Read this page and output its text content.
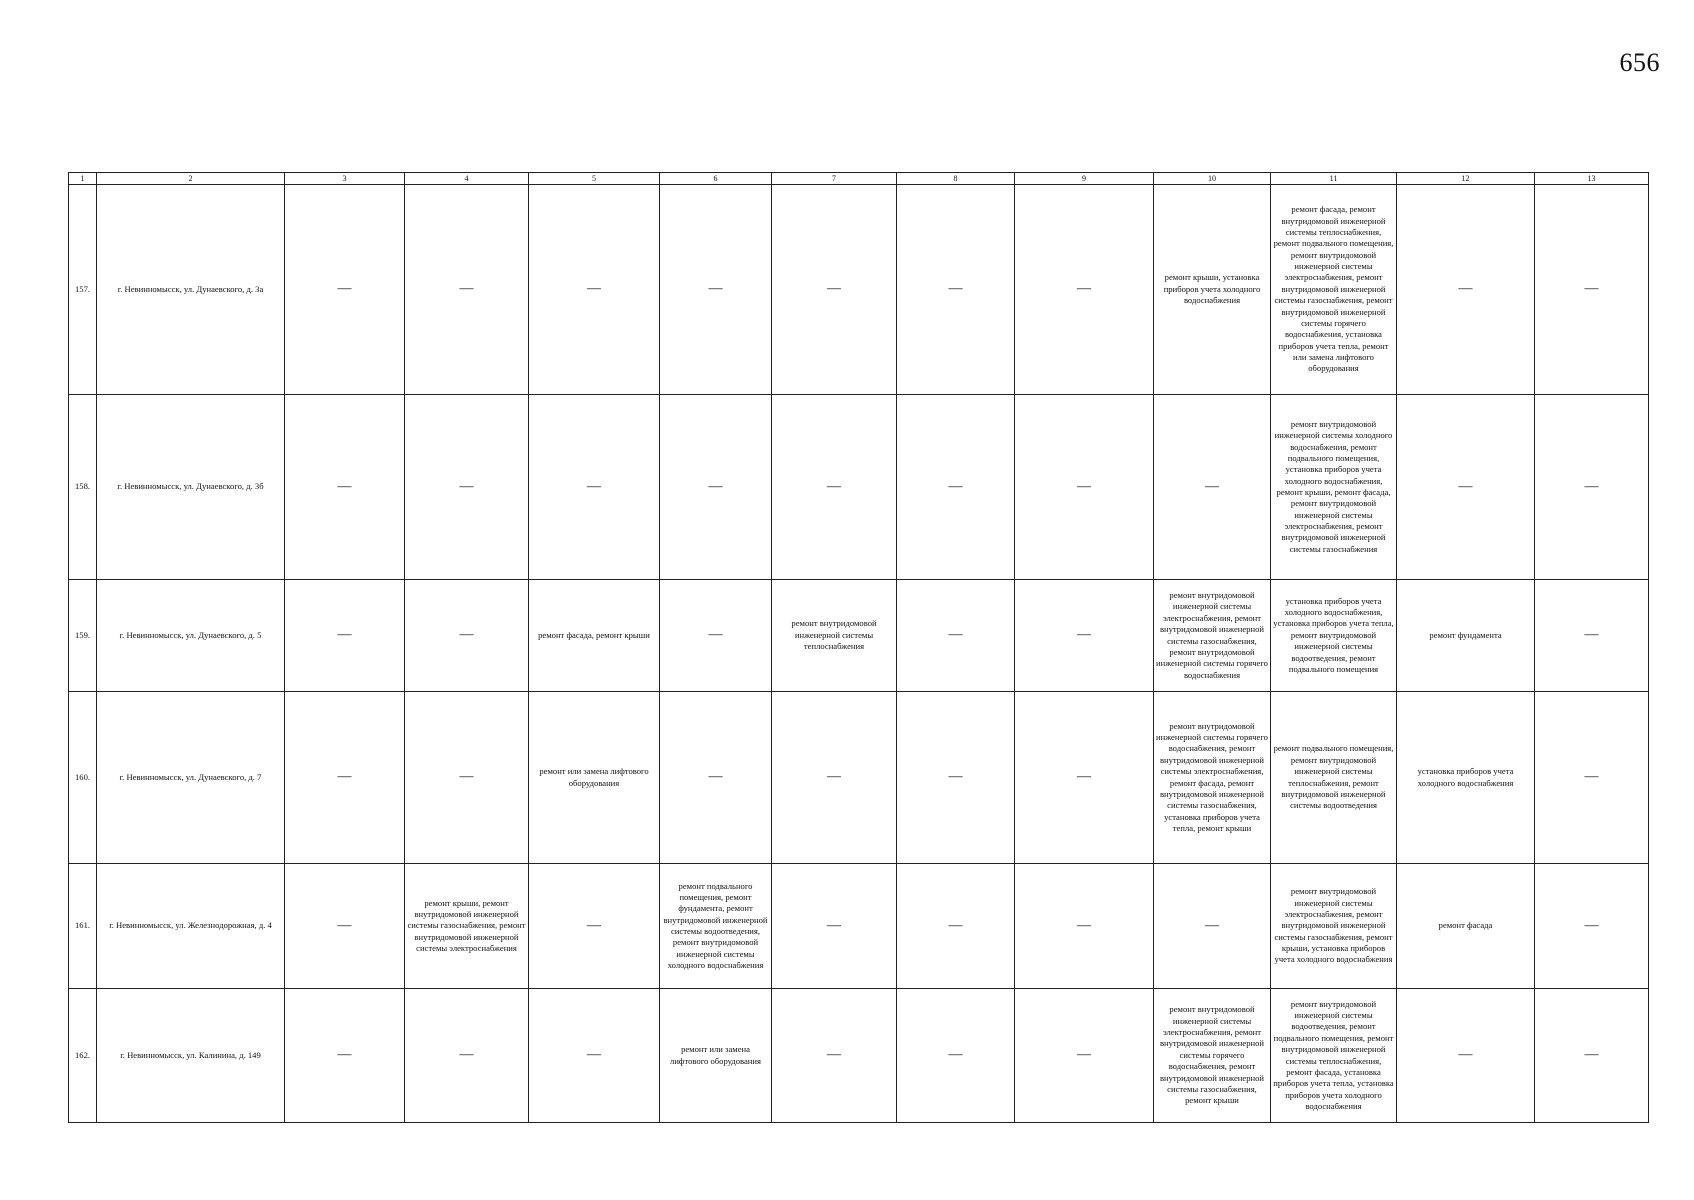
656
1	2	3	4	5	6	7	8	9	10	11	12	13
157.	г. Невинномысск, ул. Дунаевского, д. 3а	—	—	—	—	—	—	—	ремонт крыши, установка приборов учета холодного водоснабжения	ремонт фасада, ремонт внутридомовой инженерной системы теплоснабжения, ремонт подвального помещения, ремонт внутридомовой инженерной системы электроснабжения, ремонт внутридомовой инженерной системы газоснабжения, ремонт внутридомовой инженерной системы горячего водоснабжения, установка приборов учета тепла, ремонт или замена лифтового оборудования	—	—
158.	г. Невинномысск, ул. Дунаевского, д. 3б	—	—	—	—	—	—	—	—	ремонт внутридомовой инженерной системы холодного водоснабжения, ремонт подвального помещения, установка приборов учета холодного водоснабжения, ремонт крыши, ремонт фасада, ремонт внутридомовой инженерной системы электроснабжения, ремонт внутридомовой инженерной системы газоснабжения	—	—
159.	г. Невинномысск, ул. Дунаевского, д. 5	—	—	ремонт фасада, ремонт крыши	—	ремонт внутридомовой инженерной системы теплоснабжения	—	—	ремонт внутридомовой инженерной системы электроснабжения, ремонт внутридомовой инженерной системы газоснабжения, ремонт внутридомовой инженерной системы горячего водоснабжения	установка приборов учета холодного водоснабжения, установка приборов учета тепла, ремонт внутридомовой инженерной системы водоотведения, ремонт подвального помещения	ремонт фундамента	—
160.	г. Невинномысск, ул. Дунаевского, д. 7	—	—	ремонт или замена лифтового оборудования	—	—	—	—	ремонт внутридомовой инженерной системы горячего водоснабжения, ремонт внутридомовой инженерной системы электроснабжения, ремонт фасада, ремонт внутридомовой инженерной системы газоснабжения, установка приборов учета тепла, ремонт крыши	ремонт подвального помещения, ремонт внутридомовой инженерной системы теплоснабжения, ремонт внутридомовой инженерной системы водоотведения	установка приборов учета холодного водоснабжения	—
161.	г. Невинномысск, ул. Железнодорожная, д. 4	—	ремонт крыши, ремонт внутридомовой инженерной системы газоснабжения, ремонт внутридомовой инженерной системы электроснабжения	—	ремонт подвального помещения, ремонт фундамента, ремонт внутридомовой инженерной системы водоотведения, ремонт внутридомовой инженерной системы холодного водоснабжения	—	—	—	—	ремонт внутридомовой инженерной системы электроснабжения, ремонт внутридомовой инженерной системы газоснабжения, ремонт крыши, установка приборов учета холодного водоснабжения	ремонт фасада	—
162.	г. Невинномысск, ул. Калинина, д. 149	—	—	—	ремонт или замена лифтового оборудования	—	—	—	ремонт внутридомовой инженерной системы электроснабжения, ремонт внутридомовой инженерной системы горячего водоснабжения, ремонт внутридомовой инженерной системы газоснабжения, ремонт крыши	ремонт внутридомовой инженерной системы водоотведения, ремонт подвального помещения, ремонт внутридомовой инженерной системы теплоснабжения, ремонт фасада, установка приборов учета тепла, установка приборов учета холодного водоснабжения	—	—
